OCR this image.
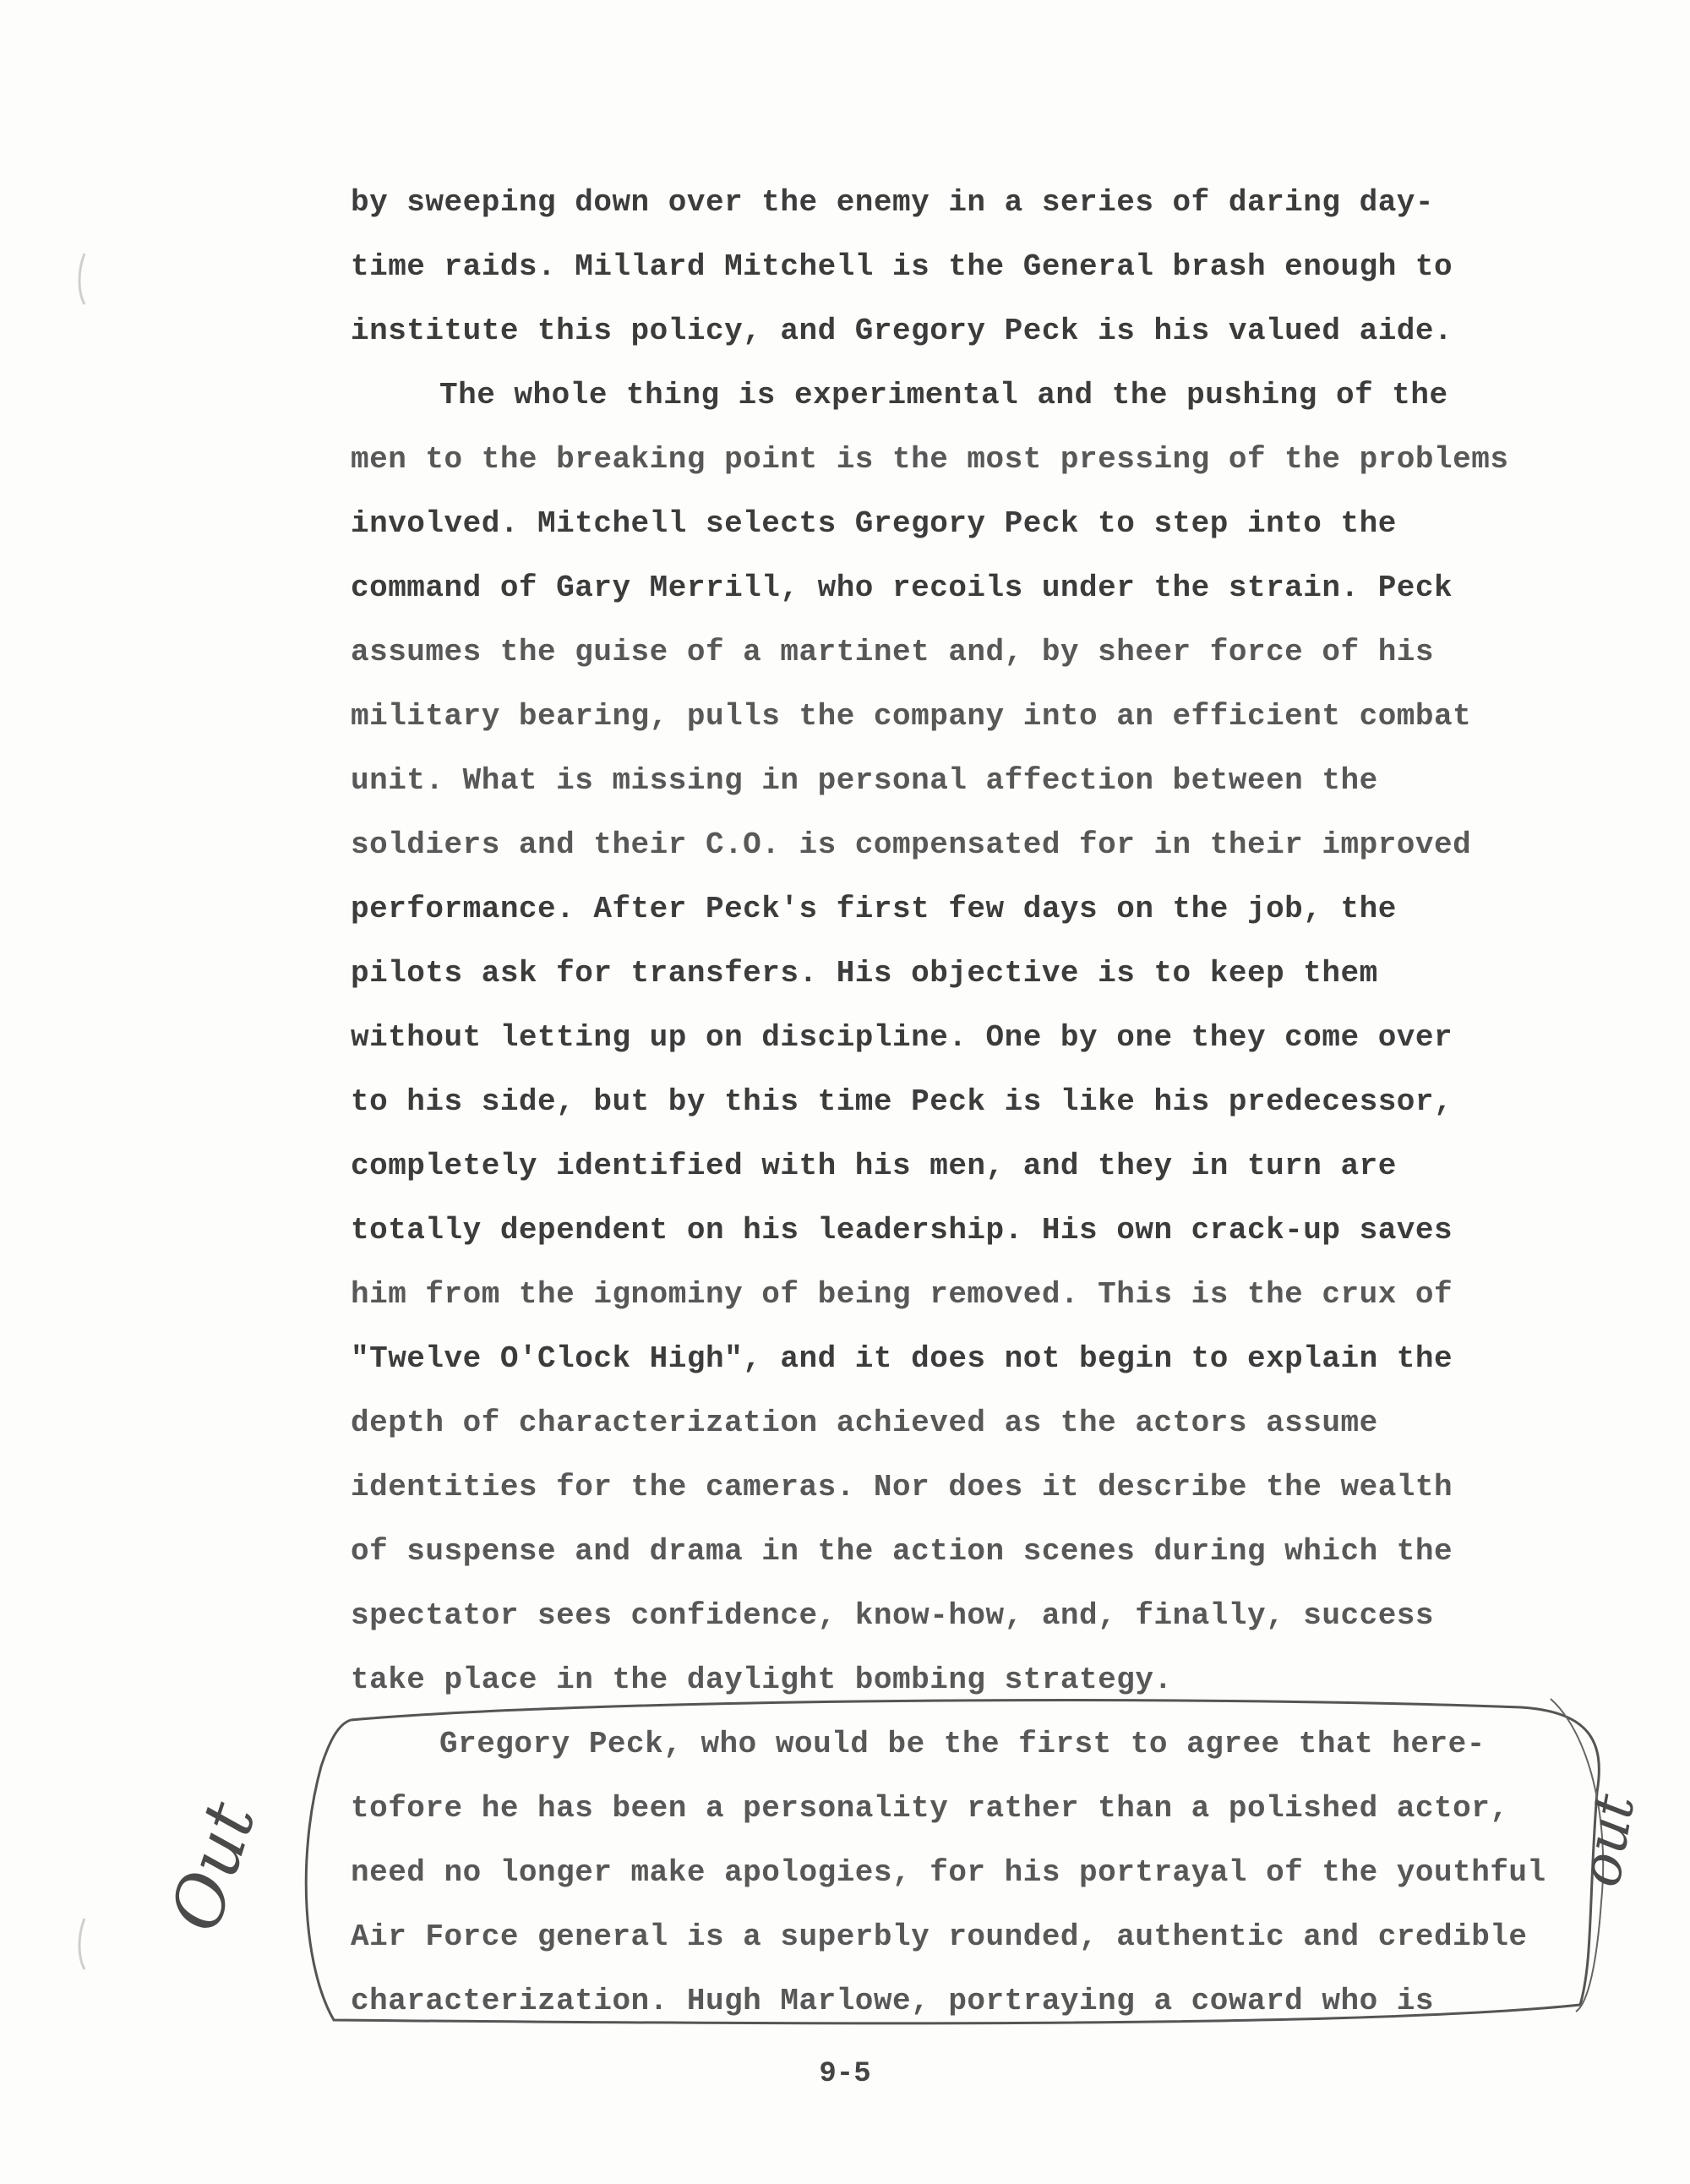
by sweeping down over the enemy in a series of daring day-
time raids. Millard Mitchell is the General brash enough to
institute this policy, and Gregory Peck is his valued aide.
The whole thing is experimental and the pushing of the
men to the breaking point is the most pressing of the problems
involved. Mitchell selects Gregory Peck to step into the
command of Gary Merrill, who recoils under the strain. Peck
assumes the guise of a martinet and, by sheer force of his
military bearing, pulls the company into an efficient combat
unit. What is missing in personal affection between the
soldiers and their C.O. is compensated for in their improved
performance. After Peck's first few days on the job, the
pilots ask for transfers. His objective is to keep them
without letting up on discipline. One by one they come over
to his side, but by this time Peck is like his predecessor,
completely identified with his men, and they in turn are
totally dependent on his leadership. His own crack-up saves
him from the ignominy of being removed. This is the crux of
"Twelve O'Clock High", and it does not begin to explain the
depth of characterization achieved as the actors assume
identities for the cameras. Nor does it describe the wealth
of suspense and drama in the action scenes during which the
spectator sees confidence, know-how, and, finally, success
take place in the daylight bombing strategy.
Gregory Peck, who would be the first to agree that here-
tofore he has been a personality rather than a polished actor,
need no longer make apologies, for his portrayal of the youthful
Air Force general is a superbly rounded, authentic and credible
characterization. Hugh Marlowe, portraying a coward who is
9-5
Out	out
